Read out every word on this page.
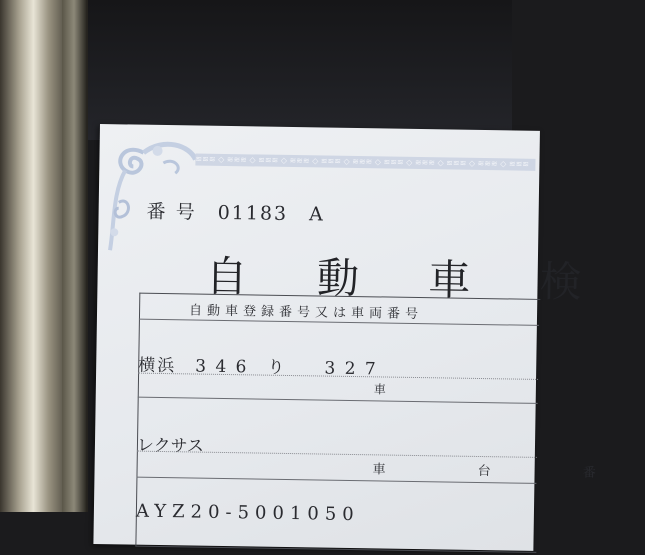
≋≋≋ ◇ ≋≋≋ ◇ ≋≋≋ ◇ ≋≋≋ ◇ ≋≋≋ ◇ ≋≋≋ ◇ ≋≋≋ ◇ ≋≋≋ ◇ ≋≋≋ ◇ ≋≋≋ ◇ ≋≋≋
番 号　01183　A
自 動 車 検
自動車登録番号又は車両番号
横浜　3 4 6　り　　3 2 7
車
レクサス
車 台 番
AYZ20-5001050
